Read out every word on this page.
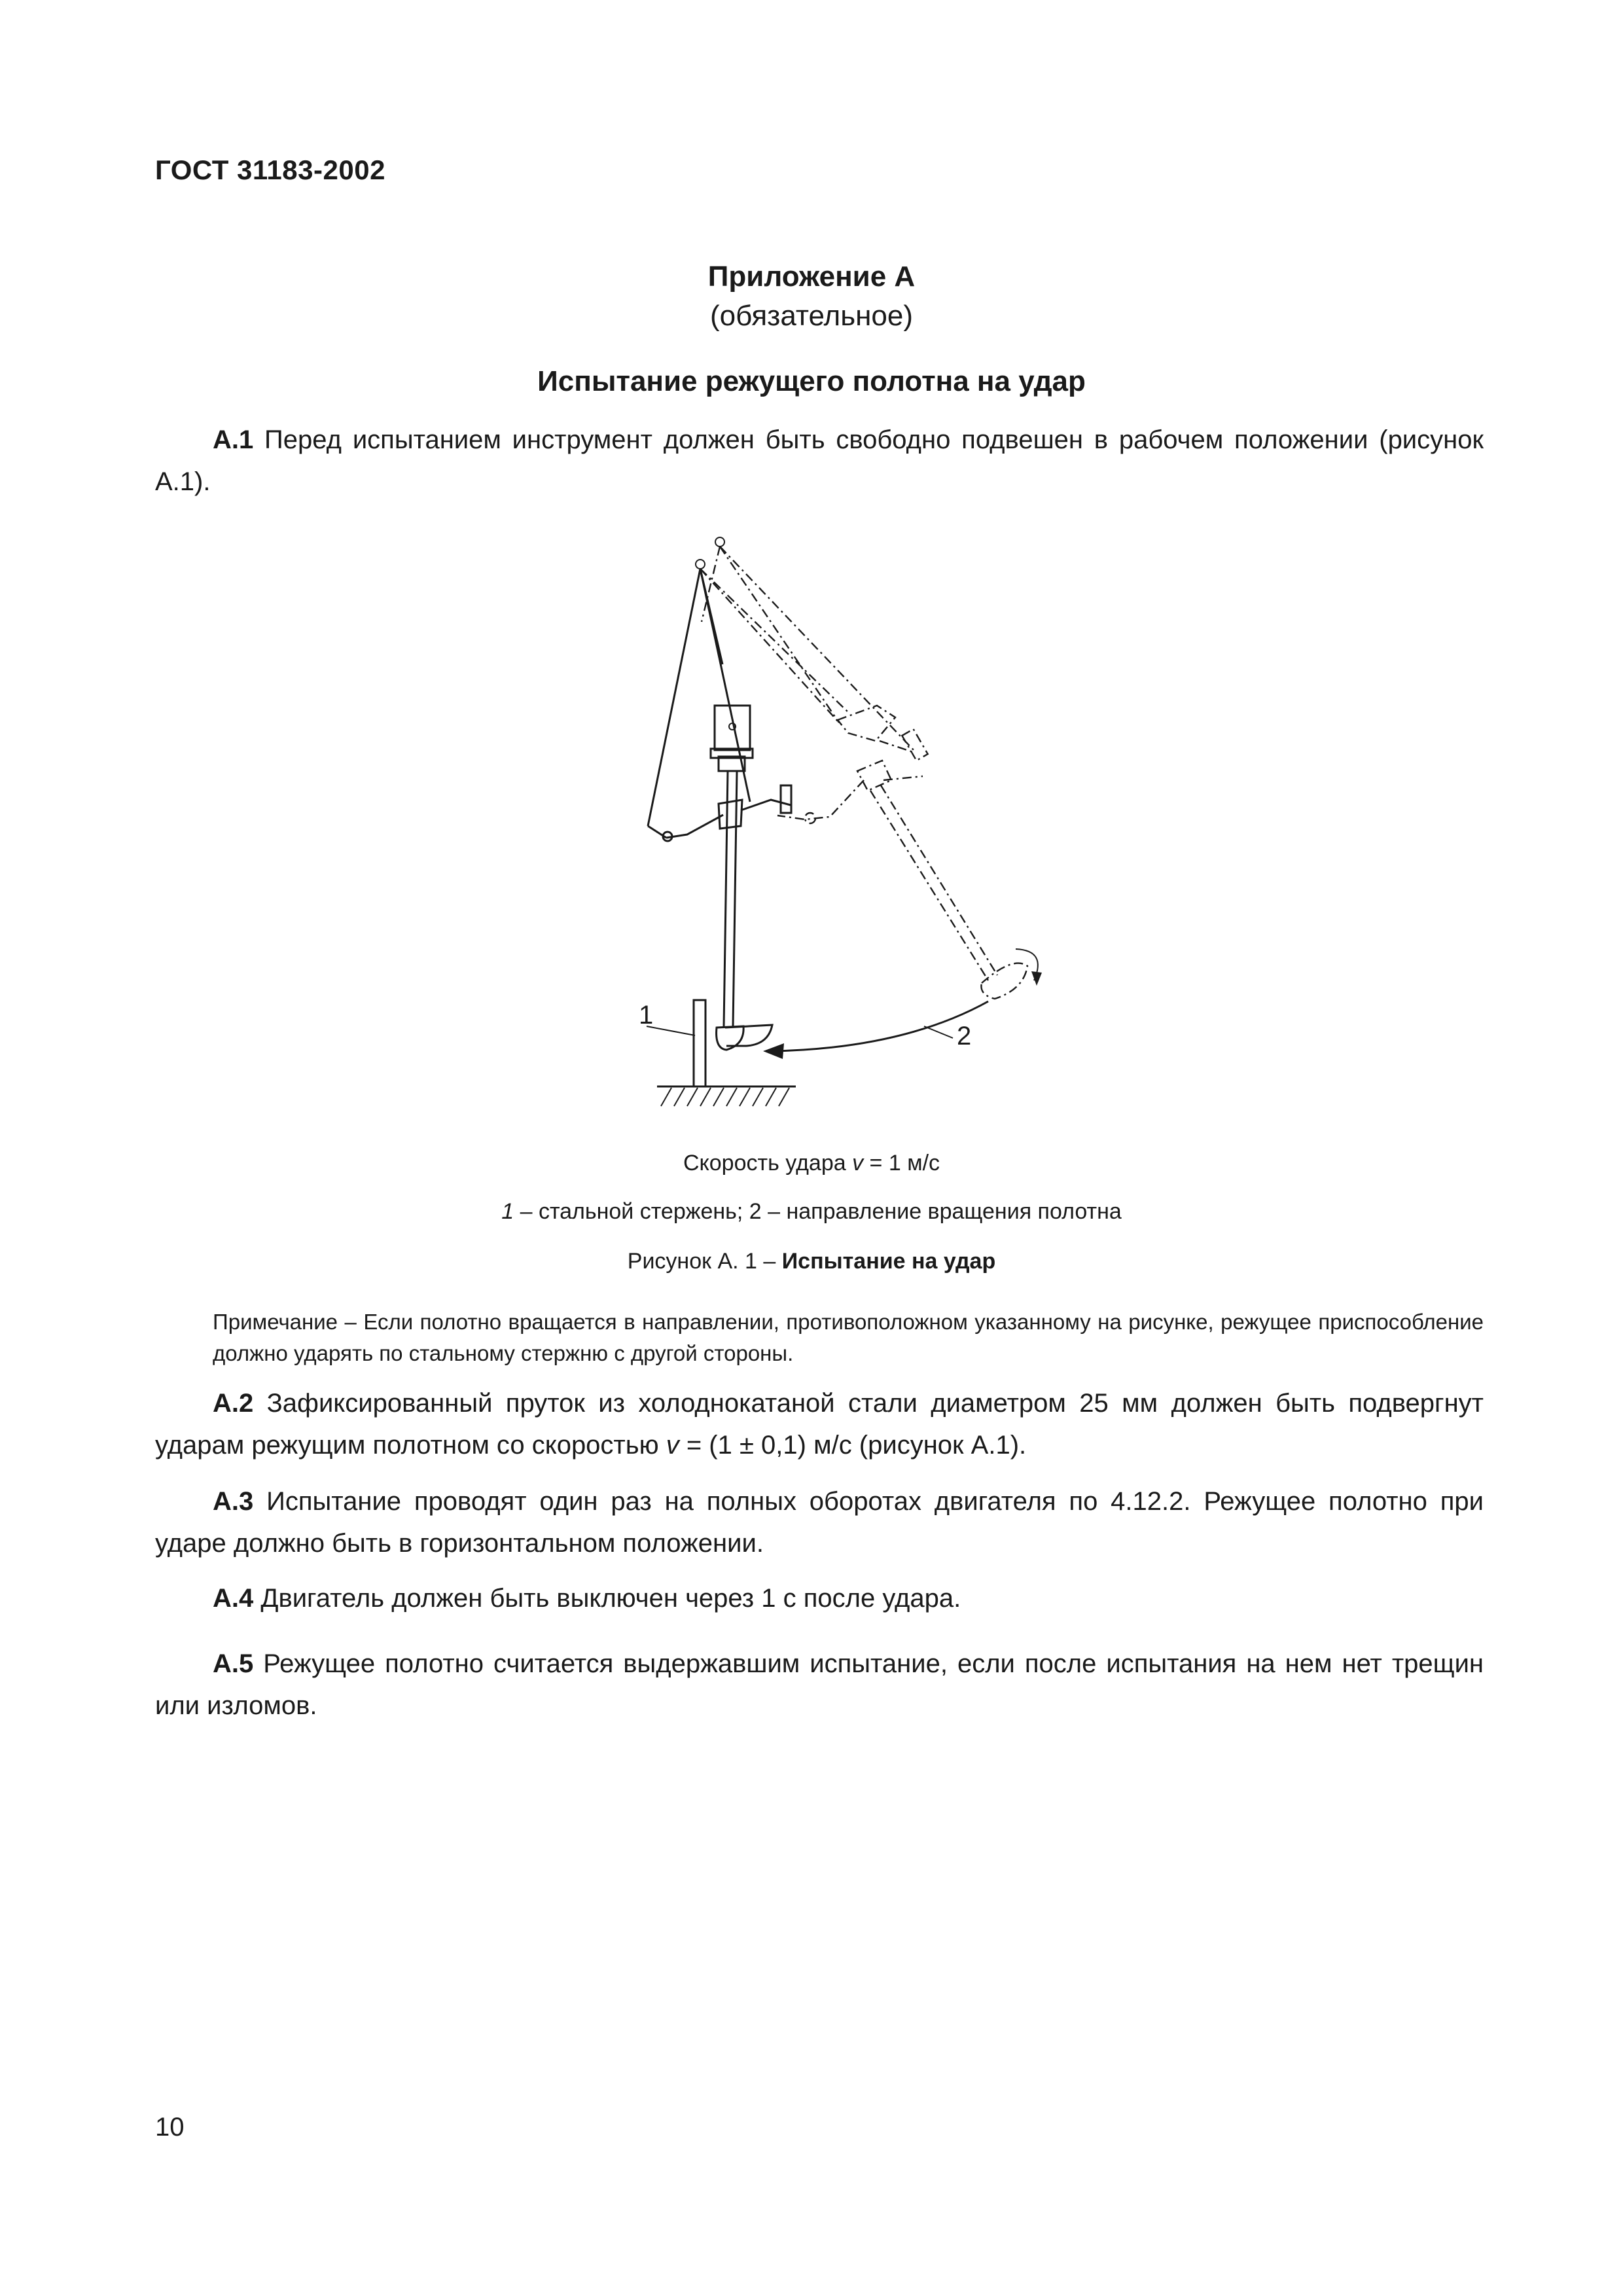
ГОСТ 31183-2002
Приложение А
(обязательное)
Испытание режущего полотна на удар
А.1 Перед испытанием инструмент должен быть свободно подвешен в рабочем положении (рисунок А.1).
1
2
Скорость удара v = 1 м/с
1 – стальной стержень; 2 – направление вращения полотна
Рисунок А. 1 – Испытание на удар
Примечание – Если полотно вращается в направлении, противоположном указанному на рисунке, режущее приспособление должно ударять по стальному стержню с другой стороны.
А.2 Зафиксированный пруток из холоднокатаной стали диаметром 25 мм должен быть подвергнут ударам режущим полотном со скоростью v = (1 ± 0,1) м/с (рисунок А.1).
А.3 Испытание проводят один раз на полных оборотах двигателя по 4.12.2. Режущее полотно при ударе должно быть в горизонтальном положении.
А.4 Двигатель должен быть выключен через 1 с после удара.
А.5 Режущее полотно считается выдержавшим испытание, если после испытания на нем нет трещин или изломов.
10
